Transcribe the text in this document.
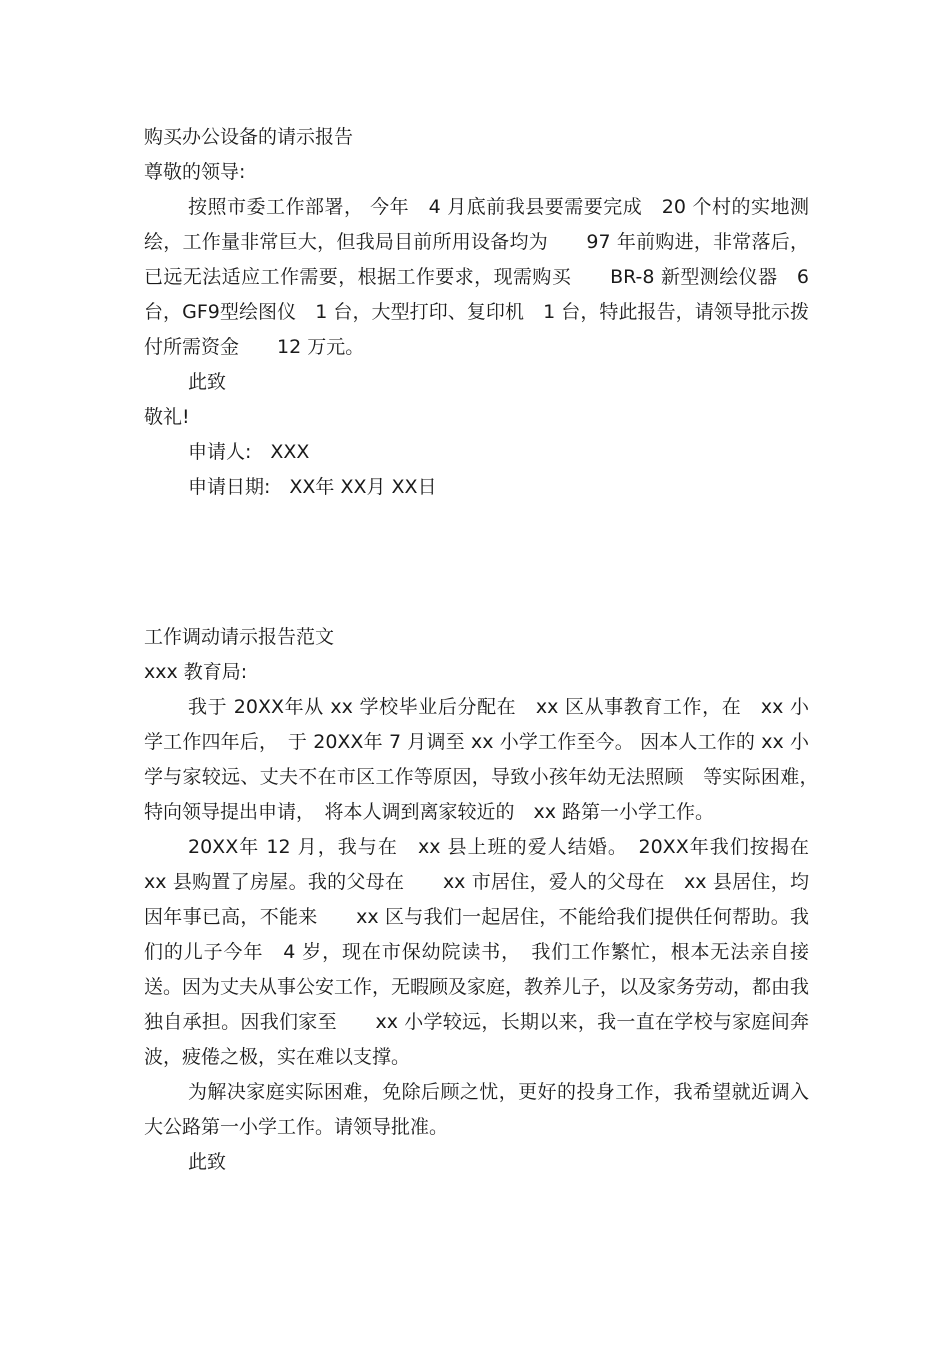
购买办公设备的请示报告

尊敬的领导:

按照市委工作部署， 今年　4 月底前我县要需要完成　20 个村的实地测绘，工作量非常巨大，但我局目前所用设备均为　　97 年前购进，非常落后，已远无法适应工作需要，根据工作要求，现需购买　　BR-8 新型测绘仪器　6 台，GF9型绘图仪　1 台，大型打印、复印机　1 台，特此报告，请领导批示拨付所需资金　　12 万元。

此致

敬礼!

申请人:　XXX

申请日期:　XX年 XX月 XX日

工作调动请示报告范文

xxx 教育局:

我于 20XX年从 xx 学校毕业后分配在　xx 区从事教育工作，在　xx 小学工作四年后，　于 20XX年 7 月调至 xx 小学工作至今。 因本人工作的 xx 小学与家较远、丈夫不在市区工作等原因，导致小孩年幼无法照顾　等实际困难，　特向领导提出申请，　将本人调到离家较近的　xx 路第一小学工作。

20XX年 12 月，我与在　xx 县上班的爱人结婚。　20XX年我们按揭在 xx 县购置了房屋。我的父母在　　xx 市居住，爱人的父母在　xx 县居住，均因年事已高，不能来　　xx 区与我们一起居住，不能给我们提供任何帮助。我们的儿子今年　4 岁，现在市保幼院读书，　我们工作繁忙，根本无法亲自接送。因为丈夫从事公安工作，无暇顾及家庭，教养儿子，以及家务劳动，都由我独自承担。因我们家至　　xx 小学较远，长期以来，我一直在学校与家庭间奔波，疲倦之极，实在难以支撑。

为解决家庭实际困难，免除后顾之忧，更好的投身工作，我希望就近调入大公路第一小学工作。请领导批准。

此致
